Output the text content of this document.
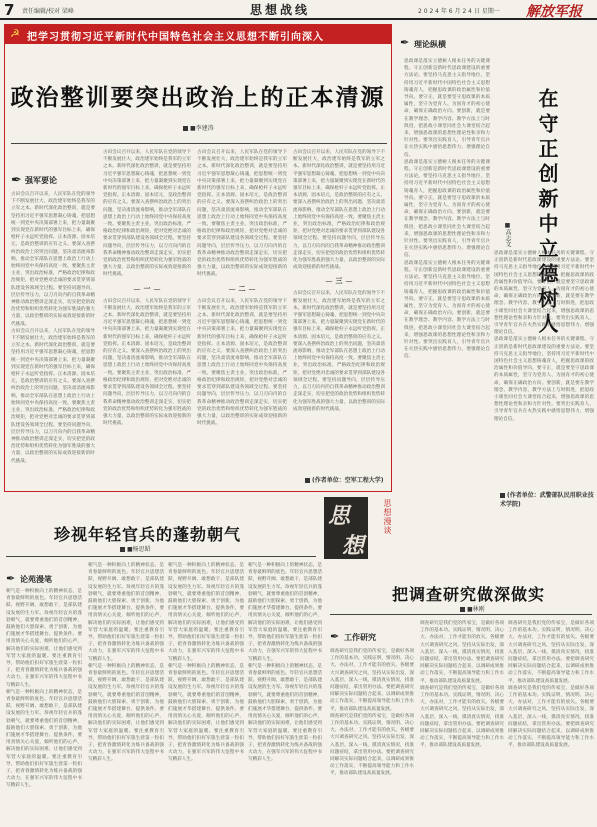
7 责任编辑/校对 梁峰	思想战线	2 0 2 4 年 6 月 2 4 日 星期一 解放军报
☭ 把学习贯彻习近平新时代中国特色社会主义思想不断引向深入
政治整训要突出政治上的正本清源
■李建涛
✒ 强军要论

古田会议召开以来，人民军队在党的领导下不断发展壮大，政治建军始终是我军的立军之本。新时代深化政治整训，就是要坚持用习近平强军思想凝心铸魂，把思想统一到党中央决策部署上来，把力量凝聚到实现党在新时代的强军目标上来，确保枪杆子永远听党指挥。正本清源、固本培元，是政治整训的应有之义。要深入查摆纠治政治上的突出问题，坚决肃清流毒影响，推动全军部队在思想上政治上行动上始终同党中央保持高度一致。要聚焦主责主业，突出政治标准，严格政治纪律和政治规矩，把对党绝对忠诚的要求贯穿到部队建设各领域全过程。要坚持问题导向，层层传导压力，以刀刃向内的自我革命精神推动政治整训走深走实，切实把党的政治优势和组织优势转化为强军胜战的强大力量，以政治整训的实际成效迎接新的时代挑战。

古田会议召开以来，人民军队在党的领导下不断发展壮大，政治建军始终是我军的立军之本。新时代深化政治整训，就是要坚持用习近平强军思想凝心铸魂，把思想统一到党中央决策部署上来，把力量凝聚到实现党在新时代的强军目标上来，确保枪杆子永远听党指挥。正本清源、固本培元，是政治整训的应有之义。要深入查摆纠治政治上的突出问题，坚决肃清流毒影响，推动全军部队在思想上政治上行动上始终同党中央保持高度一致。要聚焦主责主业，突出政治标准，严格政治纪律和政治规矩，把对党绝对忠诚的要求贯穿到部队建设各领域全过程。要坚持问题导向，层层传导压力，以刀刃向内的自我革命精神推动政治整训走深走实，切实把党的政治优势和组织优势转化为强军胜战的强大力量，以政治整训的实际成效迎接新的时代挑战。

古田会议召开以来，人民军队在党的领导下不断发展壮大，政治建军始终是我军的立军之本。新时代深化政治整训，就是要坚持用习近平强军思想凝心铸魂，把思想统一到党中央决策部署上来，把力量凝聚到实现党在新时代的强军目标上来，确保枪杆子永远听党指挥。正本清源、固本培元，是政治整训的应有之义。要深入查摆纠治政治上的突出问题，坚决肃清流毒影响，推动全军部队在思想上政治上行动上始终同党中央保持高度一致。要聚焦主责主业，突出政治标准，严格政治纪律和政治规矩，把对党绝对忠诚的要求贯穿到部队建设各领域全过程。要坚持问题导向，层层传导压力，以刀刃向内的自我革命精神推动政治整训走深走实，切实把党的政治优势和组织优势转化为强军胜战的强大力量，以政治整训的实际成效迎接新的时代挑战。

— 一 —

古田会议召开以来，人民军队在党的领导下不断发展壮大，政治建军始终是我军的立军之本。新时代深化政治整训，就是要坚持用习近平强军思想凝心铸魂，把思想统一到党中央决策部署上来，把力量凝聚到实现党在新时代的强军目标上来，确保枪杆子永远听党指挥。正本清源、固本培元，是政治整训的应有之义。要深入查摆纠治政治上的突出问题，坚决肃清流毒影响，推动全军部队在思想上政治上行动上始终同党中央保持高度一致。要聚焦主责主业，突出政治标准，严格政治纪律和政治规矩，把对党绝对忠诚的要求贯穿到部队建设各领域全过程。要坚持问题导向，层层传导压力，以刀刃向内的自我革命精神推动政治整训走深走实，切实把党的政治优势和组织优势转化为强军胜战的强大力量，以政治整训的实际成效迎接新的时代挑战。

古田会议召开以来，人民军队在党的领导下不断发展壮大，政治建军始终是我军的立军之本。新时代深化政治整训，就是要坚持用习近平强军思想凝心铸魂，把思想统一到党中央决策部署上来，把力量凝聚到实现党在新时代的强军目标上来，确保枪杆子永远听党指挥。正本清源、固本培元，是政治整训的应有之义。要深入查摆纠治政治上的突出问题，坚决肃清流毒影响，推动全军部队在思想上政治上行动上始终同党中央保持高度一致。要聚焦主责主业，突出政治标准，严格政治纪律和政治规矩，把对党绝对忠诚的要求贯穿到部队建设各领域全过程。要坚持问题导向，层层传导压力，以刀刃向内的自我革命精神推动政治整训走深走实，切实把党的政治优势和组织优势转化为强军胜战的强大力量，以政治整训的实际成效迎接新的时代挑战。

— 二 —

古田会议召开以来，人民军队在党的领导下不断发展壮大，政治建军始终是我军的立军之本。新时代深化政治整训，就是要坚持用习近平强军思想凝心铸魂，把思想统一到党中央决策部署上来，把力量凝聚到实现党在新时代的强军目标上来，确保枪杆子永远听党指挥。正本清源、固本培元，是政治整训的应有之义。要深入查摆纠治政治上的突出问题，坚决肃清流毒影响，推动全军部队在思想上政治上行动上始终同党中央保持高度一致。要聚焦主责主业，突出政治标准，严格政治纪律和政治规矩，把对党绝对忠诚的要求贯穿到部队建设各领域全过程。要坚持问题导向，层层传导压力，以刀刃向内的自我革命精神推动政治整训走深走实，切实把党的政治优势和组织优势转化为强军胜战的强大力量，以政治整训的实际成效迎接新的时代挑战。

古田会议召开以来，人民军队在党的领导下不断发展壮大，政治建军始终是我军的立军之本。新时代深化政治整训，就是要坚持用习近平强军思想凝心铸魂，把思想统一到党中央决策部署上来，把力量凝聚到实现党在新时代的强军目标上来，确保枪杆子永远听党指挥。正本清源、固本培元，是政治整训的应有之义。要深入查摆纠治政治上的突出问题，坚决肃清流毒影响，推动全军部队在思想上政治上行动上始终同党中央保持高度一致。要聚焦主责主业，突出政治标准，严格政治纪律和政治规矩，把对党绝对忠诚的要求贯穿到部队建设各领域全过程。要坚持问题导向，层层传导压力，以刀刃向内的自我革命精神推动政治整训走深走实，切实把党的政治优势和组织优势转化为强军胜战的强大力量，以政治整训的实际成效迎接新的时代挑战。

— 三 —

古田会议召开以来，人民军队在党的领导下不断发展壮大，政治建军始终是我军的立军之本。新时代深化政治整训，就是要坚持用习近平强军思想凝心铸魂，把思想统一到党中央决策部署上来，把力量凝聚到实现党在新时代的强军目标上来，确保枪杆子永远听党指挥。正本清源、固本培元，是政治整训的应有之义。要深入查摆纠治政治上的突出问题，坚决肃清流毒影响，推动全军部队在思想上政治上行动上始终同党中央保持高度一致。要聚焦主责主业，突出政治标准，严格政治纪律和政治规矩，把对党绝对忠诚的要求贯穿到部队建设各领域全过程。要坚持问题导向，层层传导压力，以刀刃向内的自我革命精神推动政治整训走深走实，切实把党的政治优势和组织优势转化为强军胜战的强大力量，以政治整训的实际成效迎接新的时代挑战。

(作者单位：空军工程大学)
✒ 理论纵横
在守正创新中立德树人
■高志文

思政课是落实立德树人根本任务的关键课程。守正创新是新时代思政课建设的重要方法论。要坚持马克思主义指导地位，坚持用习近平新时代中国特色社会主义思想铸魂育人，把握思政课的政治属性和价值导向。要守正，就是要坚守思政课的本质属性，坚守为党育人、为国育才的初心使命，确保正确政治方向。要创新，就是要在教学理念、教学内容、教学方法上与时俱进，把思政小课堂同社会大课堂结合起来，增强思政课的思想性理论性和亲和力针对性。要突出实践育人，引导青年官兵在火热实践中感悟思想伟力、增强理论自信。

思政课是落实立德树人根本任务的关键课程。守正创新是新时代思政课建设的重要方法论。要坚持马克思主义指导地位，坚持用习近平新时代中国特色社会主义思想铸魂育人，把握思政课的政治属性和价值导向。要守正，就是要坚守思政课的本质属性，坚守为党育人、为国育才的初心使命，确保正确政治方向。要创新，就是要在教学理念、教学内容、教学方法上与时俱进，把思政小课堂同社会大课堂结合起来，增强思政课的思想性理论性和亲和力针对性。要突出实践育人，引导青年官兵在火热实践中感悟思想伟力、增强理论自信。

思政课是落实立德树人根本任务的关键课程。守正创新是新时代思政课建设的重要方法论。要坚持马克思主义指导地位，坚持用习近平新时代中国特色社会主义思想铸魂育人，把握思政课的政治属性和价值导向。要守正，就是要坚守思政课的本质属性，坚守为党育人、为国育才的初心使命，确保正确政治方向。要创新，就是要在教学理念、教学内容、教学方法上与时俱进，把思政小课堂同社会大课堂结合起来，增强思政课的思想性理论性和亲和力针对性。要突出实践育人，引导青年官兵在火热实践中感悟思想伟力、增强理论自信。

思政课是落实立德树人根本任务的关键课程。守正创新是新时代思政课建设的重要方法论。要坚持马克思主义指导地位，坚持用习近平新时代中国特色社会主义思想铸魂育人，把握思政课的政治属性和价值导向。要守正，就是要坚守思政课的本质属性，坚守为党育人、为国育才的初心使命，确保正确政治方向。要创新，就是要在教学理念、教学内容、教学方法上与时俱进，把思政小课堂同社会大课堂结合起来，增强思政课的思想性理论性和亲和力针对性。要突出实践育人，引导青年官兵在火热实践中感悟思想伟力、增强理论自信。

思政课是落实立德树人根本任务的关键课程。守正创新是新时代思政课建设的重要方法论。要坚持马克思主义指导地位，坚持用习近平新时代中国特色社会主义思想铸魂育人，把握思政课的政治属性和价值导向。要守正，就是要坚守思政课的本质属性，坚守为党育人、为国育才的初心使命，确保正确政治方向。要创新，就是要在教学理念、教学内容、教学方法上与时俱进，把思政小课堂同社会大课堂结合起来，增强思政课的思想性理论性和亲和力针对性。要突出实践育人，引导青年官兵在火热实践中感悟思想伟力、增强理论自信。

(作者单位：武警部队民用职业技术学院)
思
想
思想漫谈
珍视年轻官兵的蓬勃朝气
■杨思昭
✒ 论苑漫笔

朝气是一种积极向上的精神状态，是青春最鲜明的底色。年轻官兵思想活跃、视野开阔、敢想敢干，是部队建设发展的生力军。珍视年轻官兵的蓬勃朝气，就要尊重他们的首创精神，鼓励他们大胆探索、勇于创新，为他们施展才华搭建舞台、提供条件。要用真情关心关爱，倾听他们的心声，解决他们的实际困难，让他们感受到军营大家庭的温暖。要注重教育引导，帮助他们扣好军旅生涯第一粒扣子，把青春激情转化为练兵备战的强大动力，在强军兴军的伟大征程中书写精彩人生。

朝气是一种积极向上的精神状态，是青春最鲜明的底色。年轻官兵思想活跃、视野开阔、敢想敢干，是部队建设发展的生力军。珍视年轻官兵的蓬勃朝气，就要尊重他们的首创精神，鼓励他们大胆探索、勇于创新，为他们施展才华搭建舞台、提供条件。要用真情关心关爱，倾听他们的心声，解决他们的实际困难，让他们感受到军营大家庭的温暖。要注重教育引导，帮助他们扣好军旅生涯第一粒扣子，把青春激情转化为练兵备战的强大动力，在强军兴军的伟大征程中书写精彩人生。

朝气是一种积极向上的精神状态，是青春最鲜明的底色。年轻官兵思想活跃、视野开阔、敢想敢干，是部队建设发展的生力军。珍视年轻官兵的蓬勃朝气，就要尊重他们的首创精神，鼓励他们大胆探索、勇于创新，为他们施展才华搭建舞台、提供条件。要用真情关心关爱，倾听他们的心声，解决他们的实际困难，让他们感受到军营大家庭的温暖。要注重教育引导，帮助他们扣好军旅生涯第一粒扣子，把青春激情转化为练兵备战的强大动力，在强军兴军的伟大征程中书写精彩人生。

朝气是一种积极向上的精神状态，是青春最鲜明的底色。年轻官兵思想活跃、视野开阔、敢想敢干，是部队建设发展的生力军。珍视年轻官兵的蓬勃朝气，就要尊重他们的首创精神，鼓励他们大胆探索、勇于创新，为他们施展才华搭建舞台、提供条件。要用真情关心关爱，倾听他们的心声，解决他们的实际困难，让他们感受到军营大家庭的温暖。要注重教育引导，帮助他们扣好军旅生涯第一粒扣子，把青春激情转化为练兵备战的强大动力，在强军兴军的伟大征程中书写精彩人生。

朝气是一种积极向上的精神状态，是青春最鲜明的底色。年轻官兵思想活跃、视野开阔、敢想敢干，是部队建设发展的生力军。珍视年轻官兵的蓬勃朝气，就要尊重他们的首创精神，鼓励他们大胆探索、勇于创新，为他们施展才华搭建舞台、提供条件。要用真情关心关爱，倾听他们的心声，解决他们的实际困难，让他们感受到军营大家庭的温暖。要注重教育引导，帮助他们扣好军旅生涯第一粒扣子，把青春激情转化为练兵备战的强大动力，在强军兴军的伟大征程中书写精彩人生。

朝气是一种积极向上的精神状态，是青春最鲜明的底色。年轻官兵思想活跃、视野开阔、敢想敢干，是部队建设发展的生力军。珍视年轻官兵的蓬勃朝气，就要尊重他们的首创精神，鼓励他们大胆探索、勇于创新，为他们施展才华搭建舞台、提供条件。要用真情关心关爱，倾听他们的心声，解决他们的实际困难，让他们感受到军营大家庭的温暖。要注重教育引导，帮助他们扣好军旅生涯第一粒扣子，把青春激情转化为练兵备战的强大动力，在强军兴军的伟大征程中书写精彩人生。

朝气是一种积极向上的精神状态，是青春最鲜明的底色。年轻官兵思想活跃、视野开阔、敢想敢干，是部队建设发展的生力军。珍视年轻官兵的蓬勃朝气，就要尊重他们的首创精神，鼓励他们大胆探索、勇于创新，为他们施展才华搭建舞台、提供条件。要用真情关心关爱，倾听他们的心声，解决他们的实际困难，让他们感受到军营大家庭的温暖。要注重教育引导，帮助他们扣好军旅生涯第一粒扣子，把青春激情转化为练兵备战的强大动力，在强军兴军的伟大征程中书写精彩人生。

朝气是一种积极向上的精神状态，是青春最鲜明的底色。年轻官兵思想活跃、视野开阔、敢想敢干，是部队建设发展的生力军。珍视年轻官兵的蓬勃朝气，就要尊重他们的首创精神，鼓励他们大胆探索、勇于创新，为他们施展才华搭建舞台、提供条件。要用真情关心关爱，倾听他们的心声，解决他们的实际困难，让他们感受到军营大家庭的温暖。要注重教育引导，帮助他们扣好军旅生涯第一粒扣子，把青春激情转化为练兵备战的强大动力，在强军兴军的伟大征程中书写精彩人生。

把调查研究做深做实
■林刚
✒ 工作研究

调查研究是我们党的传家宝，是做好各项工作的基本功。实践证明，情况明、决心大、办法对，工作才能有的放矢。各级要大兴调查研究之风，坚持从实际出发，深入基层、深入一线，摸清真实情况，找准问题症结，拿出管用办法。要把调查研究同解决实际问题结合起来，以调研成果推动工作落实，不断提高领导能力和工作水平，推动部队建设高质量发展。

调查研究是我们党的传家宝，是做好各项工作的基本功。实践证明，情况明、决心大、办法对，工作才能有的放矢。各级要大兴调查研究之风，坚持从实际出发，深入基层、深入一线，摸清真实情况，找准问题症结，拿出管用办法。要把调查研究同解决实际问题结合起来，以调研成果推动工作落实，不断提高领导能力和工作水平，推动部队建设高质量发展。

调查研究是我们党的传家宝，是做好各项工作的基本功。实践证明，情况明、决心大、办法对，工作才能有的放矢。各级要大兴调查研究之风，坚持从实际出发，深入基层、深入一线，摸清真实情况，找准问题症结，拿出管用办法。要把调查研究同解决实际问题结合起来，以调研成果推动工作落实，不断提高领导能力和工作水平，推动部队建设高质量发展。

调查研究是我们党的传家宝，是做好各项工作的基本功。实践证明，情况明、决心大、办法对，工作才能有的放矢。各级要大兴调查研究之风，坚持从实际出发，深入基层、深入一线，摸清真实情况，找准问题症结，拿出管用办法。要把调查研究同解决实际问题结合起来，以调研成果推动工作落实，不断提高领导能力和工作水平，推动部队建设高质量发展。

调查研究是我们党的传家宝，是做好各项工作的基本功。实践证明，情况明、决心大、办法对，工作才能有的放矢。各级要大兴调查研究之风，坚持从实际出发，深入基层、深入一线，摸清真实情况，找准问题症结，拿出管用办法。要把调查研究同解决实际问题结合起来，以调研成果推动工作落实，不断提高领导能力和工作水平，推动部队建设高质量发展。

调查研究是我们党的传家宝，是做好各项工作的基本功。实践证明，情况明、决心大、办法对，工作才能有的放矢。各级要大兴调查研究之风，坚持从实际出发，深入基层、深入一线，摸清真实情况，找准问题症结，拿出管用办法。要把调查研究同解决实际问题结合起来，以调研成果推动工作落实，不断提高领导能力和工作水平，推动部队建设高质量发展。
